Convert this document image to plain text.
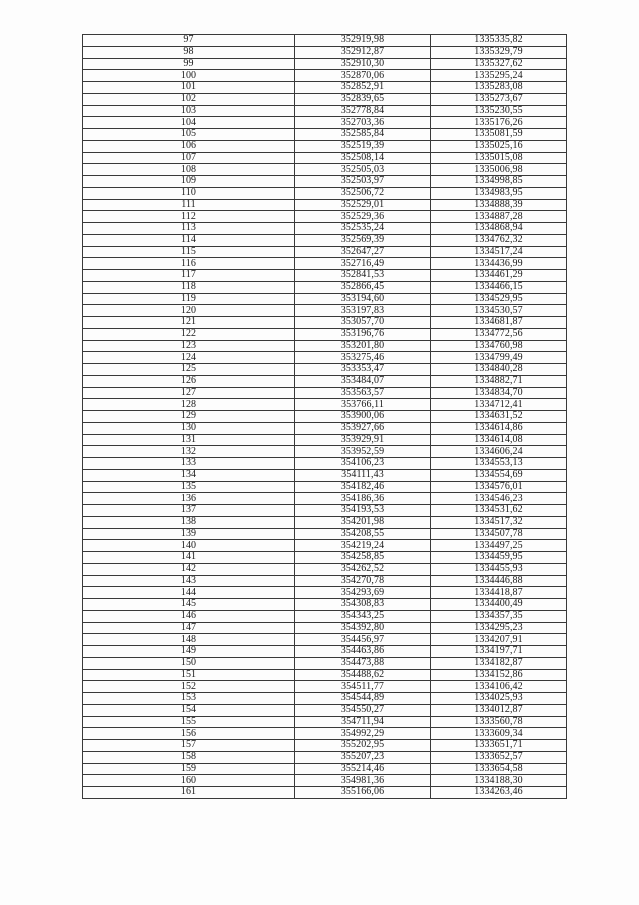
97	352919,98	1335335,82
98	352912,87	1335329,79
99	352910,30	1335327,62
100	352870,06	1335295,24
101	352852,91	1335283,08
102	352839,65	1335273,67
103	352778,84	1335230,55
104	352703,36	1335176,26
105	352585,84	1335081,59
106	352519,39	1335025,16
107	352508,14	1335015,08
108	352505,03	1335006,98
109	352503,97	1334998,85
110	352506,72	1334983,95
111	352529,01	1334888,39
112	352529,36	1334887,28
113	352535,24	1334868,94
114	352569,39	1334762,32
115	352647,27	1334517,24
116	352716,49	1334436,99
117	352841,53	1334461,29
118	352866,45	1334466,15
119	353194,60	1334529,95
120	353197,83	1334530,57
121	353057,70	1334681,87
122	353196,76	1334772,56
123	353201,80	1334760,98
124	353275,46	1334799,49
125	353353,47	1334840,28
126	353484,07	1334882,71
127	353563,57	1334834,70
128	353766,11	1334712,41
129	353900,06	1334631,52
130	353927,66	1334614,86
131	353929,91	1334614,08
132	353952,59	1334606,24
133	354106,23	1334553,13
134	354111,43	1334554,69
135	354182,46	1334576,01
136	354186,36	1334546,23
137	354193,53	1334531,62
138	354201,98	1334517,32
139	354208,55	1334507,78
140	354219,24	1334497,25
141	354258,85	1334459,95
142	354262,52	1334455,93
143	354270,78	1334446,88
144	354293,69	1334418,87
145	354308,83	1334400,49
146	354343,25	1334357,35
147	354392,80	1334295,23
148	354456,97	1334207,91
149	354463,86	1334197,71
150	354473,88	1334182,87
151	354488,62	1334152,86
152	354511,77	1334106,42
153	354544,89	1334025,93
154	354550,27	1334012,87
155	354711,94	1333560,78
156	354992,29	1333609,34
157	355202,95	1333651,71
158	355207,23	1333652,57
159	355214,46	1333654,58
160	354981,36	1334188,30
161	355166,06	1334263,46
